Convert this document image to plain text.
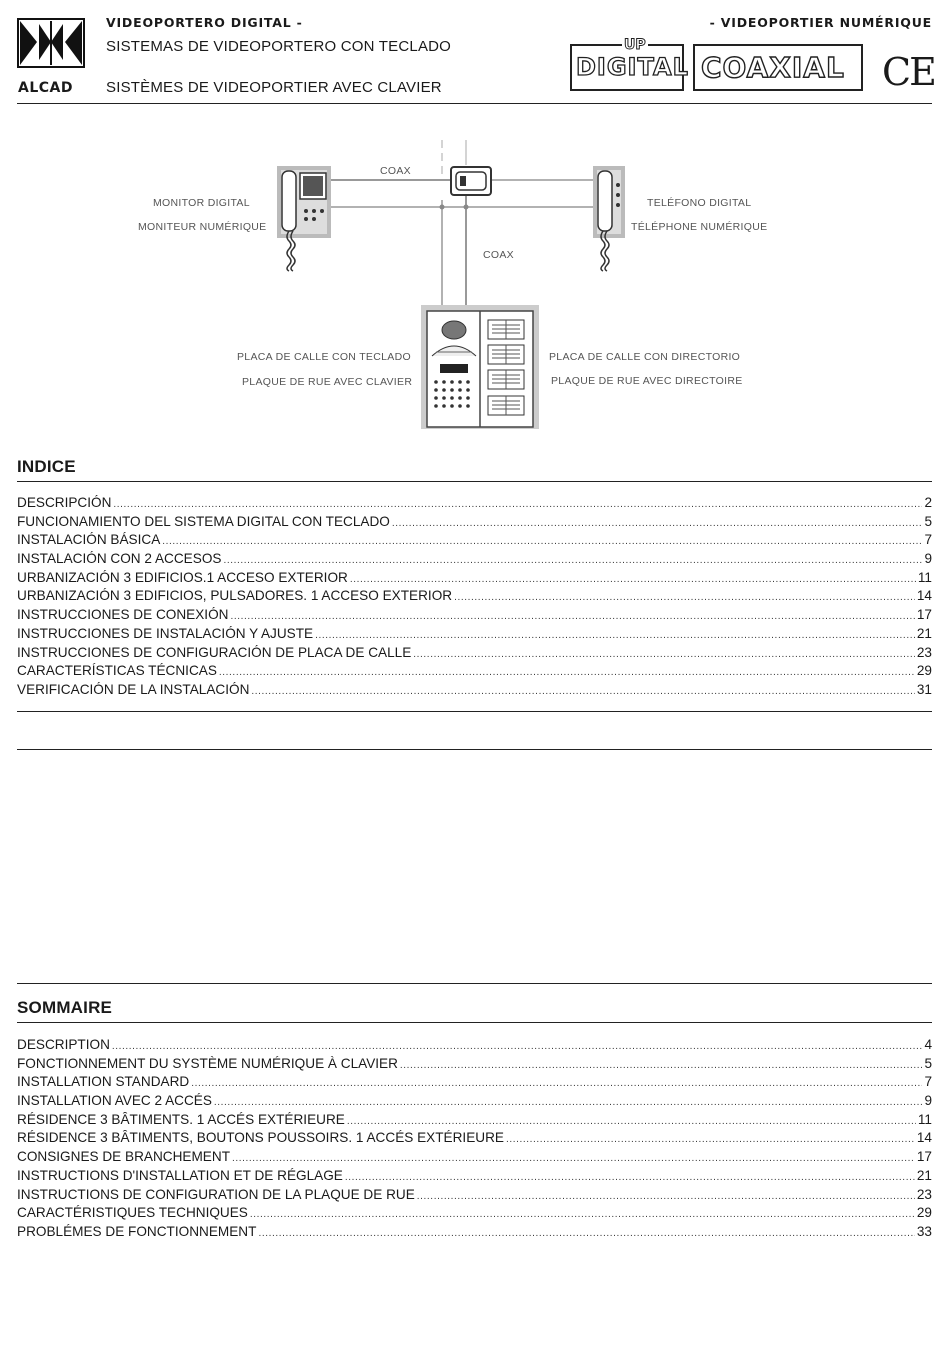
ALCAD
VIDEOPORTERO DIGITAL -	- VIDEOPORTIER NUMÉRIQUE
SISTEMAS DE VIDEOPORTERO CON TECLADO
SISTÈMES DE VIDEOPORTIER AVEC CLAVIER
DIGITAL
UP
COAXIAL CE
COAX
COAX
MONITOR DIGITAL
MONITEUR NUMÉRIQUE
TELÉFONO DIGITAL
TÉLÉPHONE NUMÉRIQUE
PLACA DE CALLE CON TECLADO
PLAQUE DE RUE AVEC CLAVIER
PLACA DE CALLE CON DIRECTORIO
PLAQUE DE RUE AVEC DIRECTOIRE
INDICE
DESCRIPCIÓN .....	2
FUNCIONAMIENTO DEL SISTEMA DIGITAL CON TECLADO .....	5
INSTALACIÓN BÁSICA .....	7
INSTALACIÓN CON 2 ACCESOS .....	9
URBANIZACIÓN 3 EDIFICIOS.1 ACCESO EXTERIOR .....	11
URBANIZACIÓN 3 EDIFICIOS, PULSADORES. 1 ACCESO EXTERIOR .....	14
INSTRUCCIONES DE CONEXIÓN .....	17
INSTRUCCIONES DE INSTALACIÓN Y AJUSTE .....	21
INSTRUCCIONES DE CONFIGURACIÓN DE PLACA DE CALLE .....	23
CARACTERÍSTICAS TÉCNICAS .....	29
VERIFICACIÓN DE LA INSTALACIÓN .....	31
SOMMAIRE
DESCRIPTION .....	4
FONCTIONNEMENT DU SYSTÈME NUMÉRIQUE À CLAVIER .....	5
INSTALLATION STANDARD .....	7
INSTALLATION AVEC 2 ACCÉS .....	9
RÉSIDENCE 3 BÂTIMENTS. 1 ACCÉS EXTÉRIEURE .....	11
RÉSIDENCE 3 BÂTIMENTS, BOUTONS POUSSOIRS. 1 ACCÉS EXTÉRIEURE .....	14
CONSIGNES DE BRANCHEMENT .....	17
INSTRUCTIONS D'INSTALLATION ET DE RÉGLAGE .....	21
INSTRUCTIONS DE CONFIGURATION DE LA PLAQUE DE RUE .....	23
CARACTÉRISTIQUES TECHNIQUES .....	29
PROBLÉMES DE FONCTIONNEMENT .....	33
